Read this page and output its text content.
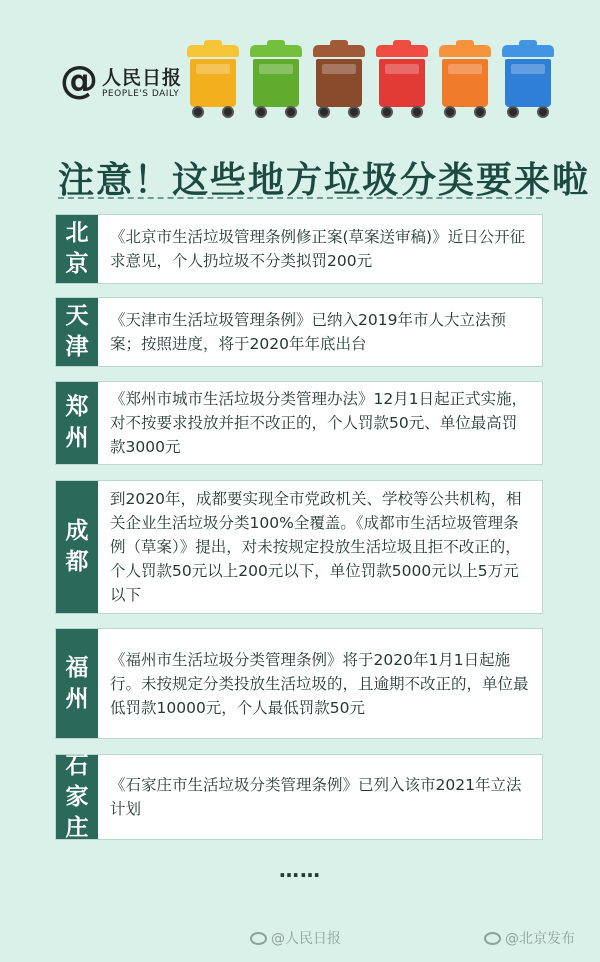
@ 人民日报
PEOPLE'S DAILY
注意！这些地方垃圾分类要来啦
北
京
《北京市生活垃圾管理条例修正案(草案送审稿)》近日公开征求意见，个人扔垃圾不分类拟罚200元
天
津
《天津市生活垃圾管理条例》已纳入2019年市人大立法预案；按照进度，将于2020年年底出台
郑
州
《郑州市城市生活垃圾分类管理办法》12月1日起正式实施，对不按要求投放并拒不改正的，个人罚款50元、单位最高罚款3000元
成
都
到2020年，成都要实现全市党政机关、学校等公共机构，相关企业生活垃圾分类100%全覆盖。《成都市生活垃圾管理条例（草案）》提出，对未按规定投放生活垃圾且拒不改正的，个人罚款50元以上200元以下，单位罚款5000元以上5万元以下
福
州
《福州市生活垃圾分类管理条例》将于2020年1月1日起施行。未按规定分类投放生活垃圾的，且逾期不改正的，单位最低罚款10000元，个人最低罚款50元
石
家
庄
《石家庄市生活垃圾分类管理条例》已列入该市2021年立法计划
……
@人民日报	@北京发布
